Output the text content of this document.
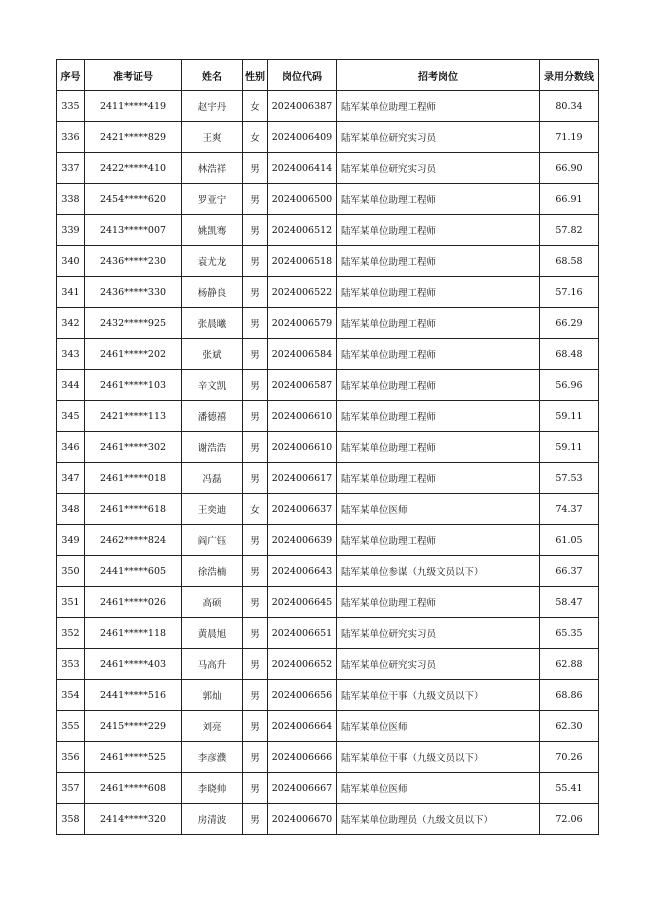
序号	准考证号	姓名	性别	岗位代码	招考岗位	录用分数线
335	2411*****419	赵宇丹	女	2024006387	陆军某单位助理工程师	80.34
336	2421*****829	王爽	女	2024006409	陆军某单位研究实习员	71.19
337	2422*****410	林浩祥	男	2024006414	陆军某单位研究实习员	66.90
338	2454*****620	罗亚宁	男	2024006500	陆军某单位助理工程师	66.91
339	2413*****007	姚凯骞	男	2024006512	陆军某单位助理工程师	57.82
340	2436*****230	袁尤龙	男	2024006518	陆军某单位助理工程师	68.58
341	2436*****330	杨静良	男	2024006522	陆军某单位助理工程师	57.16
342	2432*****925	张晨曦	男	2024006579	陆军某单位助理工程师	66.29
343	2461*****202	张斌	男	2024006584	陆军某单位助理工程师	68.48
344	2461*****103	辛文凯	男	2024006587	陆军某单位助理工程师	56.96
345	2421*****113	潘德禧	男	2024006610	陆军某单位助理工程师	59.11
346	2461*****302	谢浩浩	男	2024006610	陆军某单位助理工程师	59.11
347	2461*****018	冯磊	男	2024006617	陆军某单位助理工程师	57.53
348	2461*****618	王奕迪	女	2024006637	陆军某单位医师	74.37
349	2462*****824	阎广钰	男	2024006639	陆军某单位助理工程师	61.05
350	2441*****605	徐浩楠	男	2024006643	陆军某单位参谋（九级文员以下）	66.37
351	2461*****026	高硕	男	2024006645	陆军某单位助理工程师	58.47
352	2461*****118	黄晨旭	男	2024006651	陆军某单位研究实习员	65.35
353	2461*****403	马高升	男	2024006652	陆军某单位研究实习员	62.88
354	2441*****516	郭灿	男	2024006656	陆军某单位干事（九级文员以下）	68.86
355	2415*****229	刘亮	男	2024006664	陆军某单位医师	62.30
356	2461*****525	李彦濮	男	2024006666	陆军某单位干事（九级文员以下）	70.26
357	2461*****608	李晓帅	男	2024006667	陆军某单位医师	55.41
358	2414*****320	房清波	男	2024006670	陆军某单位助理员（九级文员以下）	72.06
